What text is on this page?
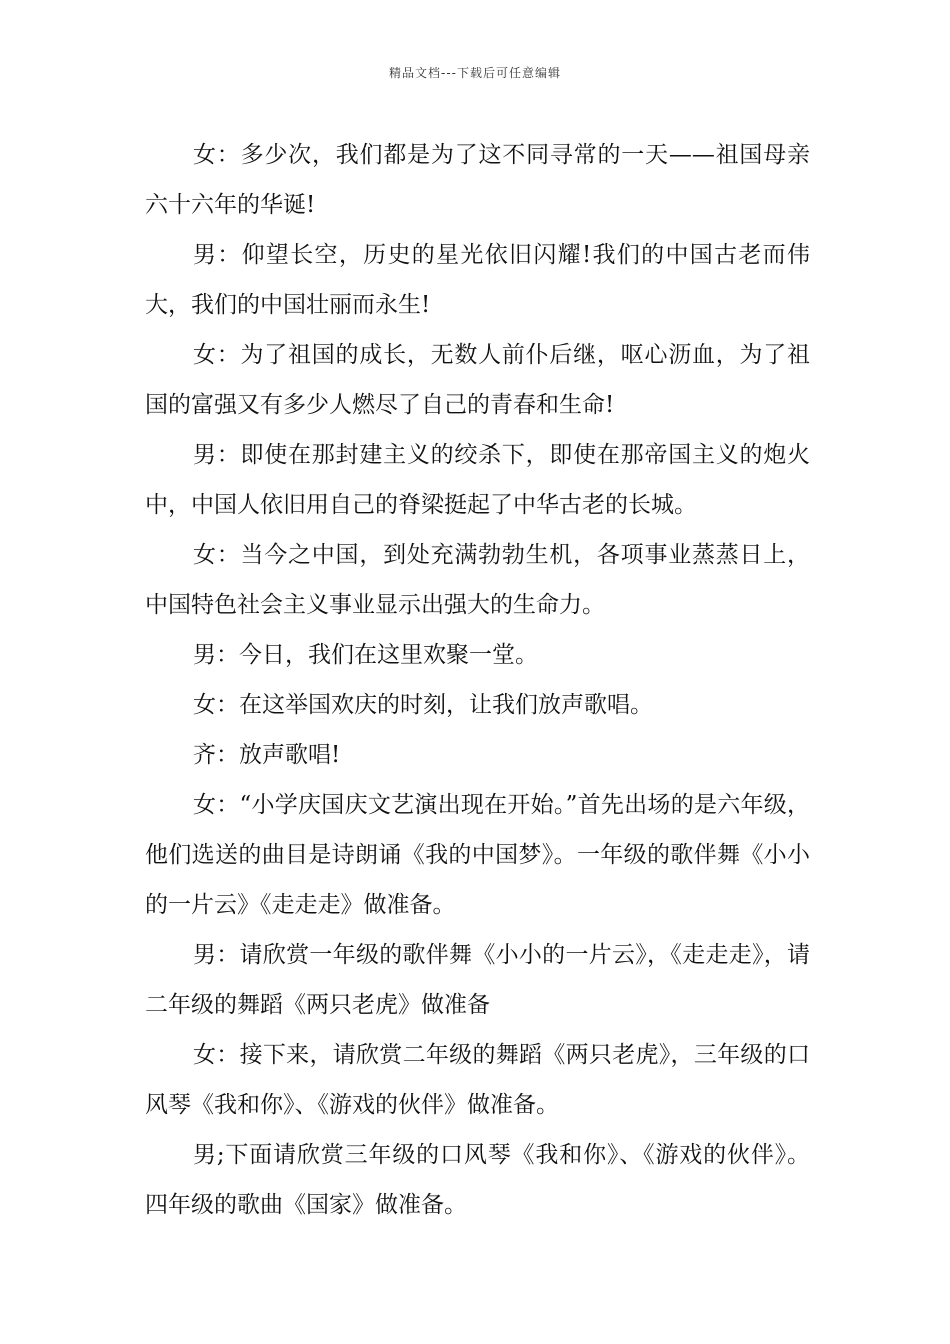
精品文档---下载后可任意编辑

女：多少次，我们都是为了这不同寻常的一天——祖国母亲六十六年的华诞!

男：仰望长空，历史的星光依旧闪耀!我们的中国古老而伟大，我们的中国壮丽而永生!

女：为了祖国的成长，无数人前仆后继，呕心沥血，为了祖国的富强又有多少人燃尽了自己的青春和生命!

男：即使在那封建主义的绞杀下，即使在那帝国主义的炮火中，中国人依旧用自己的脊梁挺起了中华古老的长城。

女：当今之中国，到处充满勃勃生机，各项事业蒸蒸日上，中国特色社会主义事业显示出强大的生命力。

男：今日，我们在这里欢聚一堂。

女：在这举国欢庆的时刻，让我们放声歌唱。

齐：放声歌唱!

女：“小学庆国庆文艺演出现在开始。”首先出场的是六年级，他们选送的曲目是诗朗诵《我的中国梦》。一年级的歌伴舞《小小的一片云》《走走走》做准备。

男：请欣赏一年级的歌伴舞《小小的一片云》，《走走走》，请二年级的舞蹈《两只老虎》做准备

女：接下来，请欣赏二年级的舞蹈《两只老虎》，三年级的口风琴《我和你》、《游戏的伙伴》做准备。

男;下面请欣赏三年级的口风琴《我和你》、《游戏的伙伴》。四年级的歌曲《国家》做准备。
